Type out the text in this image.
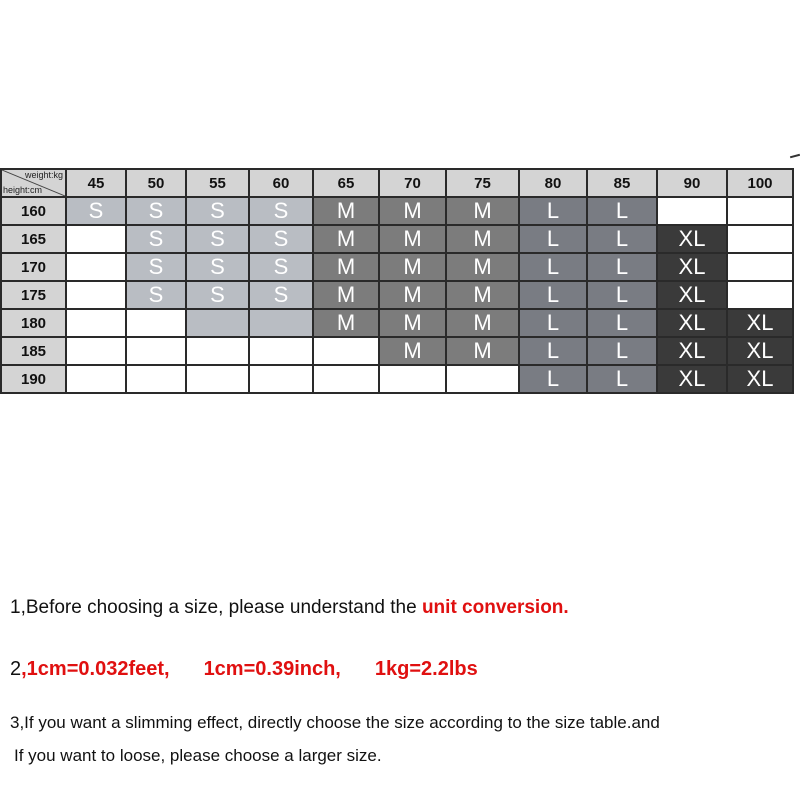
weight:kg
height:cm	45	50	55	60	65	70	75	80	85	90	100
160	S	S	S	S	M	M	M	L	L		
165		S	S	S	M	M	M	L	L	XL	
170		S	S	S	M	M	M	L	L	XL	
175		S	S	S	M	M	M	L	L	XL	
180					M	M	M	L	L	XL	XL
185						M	M	L	L	XL	XL
190								L	L	XL	XL
1,Before choosing a size, please understand the unit conversion.
2,1cm=0.032feet, 1cm=0.39inch, 1kg=2.2lbs
3,If you want a slimming effect, directly choose the size according to the size table.and
If you want to loose, please choose a larger size.
